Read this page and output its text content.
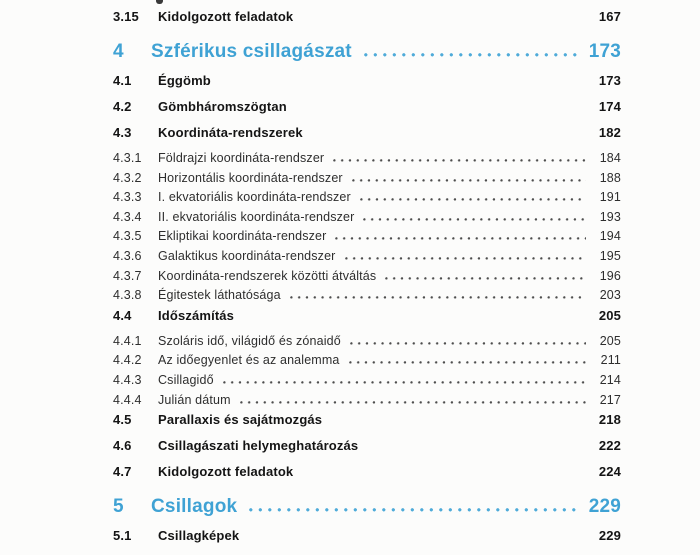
3.15	Kidolgozott feladatok	167
4	Szférikus csillagászat	173
4.1	Éggömb	173
4.2	Gömbháromszögtan	174
4.3	Koordináta-rendszerek	182
4.3.1	Földrajzi koordináta-rendszer	184
4.3.2	Horizontális koordináta-rendszer	188
4.3.3	I. ekvatoriális koordináta-rendszer	191
4.3.4	II. ekvatoriális koordináta-rendszer	193
4.3.5	Ekliptikai koordináta-rendszer	194
4.3.6	Galaktikus koordináta-rendszer	195
4.3.7	Koordináta-rendszerek közötti átváltás	196
4.3.8	Égitestek láthatósága	203
4.4	Időszámítás	205
4.4.1	Szoláris idő, világidő és zónaidő	205
4.4.2	Az időegyenlet és az analemma	211
4.4.3	Csillagidő	214
4.4.4	Julián dátum	217
4.5	Parallaxis és sajátmozgás	218
4.6	Csillagászati helymeghatározás	222
4.7	Kidolgozott feladatok	224
5	Csillagok	229
5.1	Csillagképek	229
